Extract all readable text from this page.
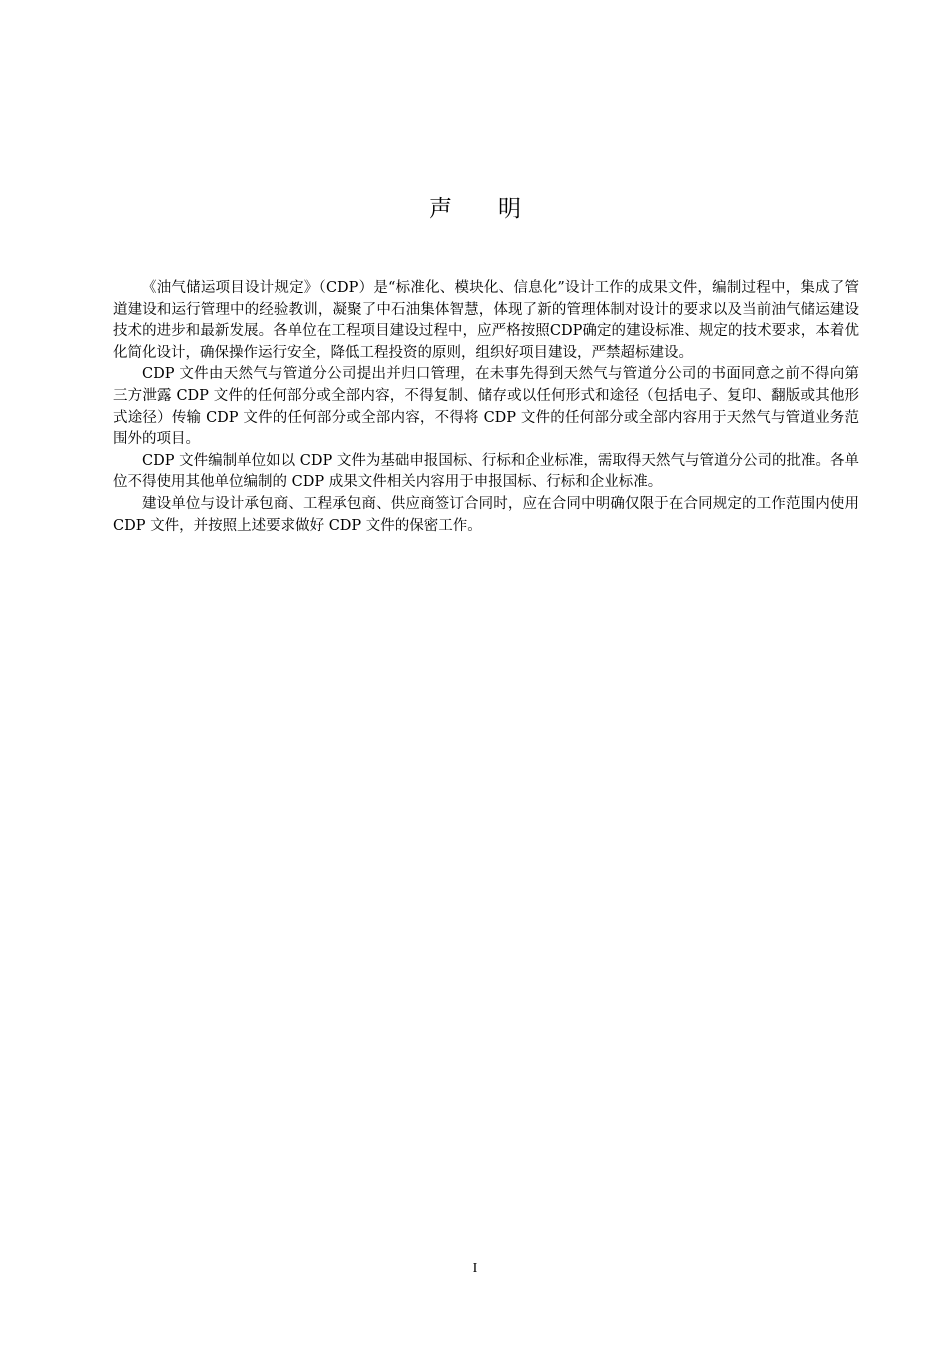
声明

《油气储运项目设计规定》（CDP）是“标准化、模块化、信息化”设计工作的成果文件，编制过程中，集成了管道建设和运行管理中的经验教训，凝聚了中石油集体智慧，体现了新的管理体制对设计的要求以及当前油气储运建设技术的进步和最新发展。各单位在工程项目建设过程中，应严格按照CDP确定的建设标准、规定的技术要求，本着优化简化设计，确保操作运行安全，降低工程投资的原则，组织好项目建设，严禁超标建设。

CDP 文件由天然气与管道分公司提出并归口管理，在未事先得到天然气与管道分公司的书面同意之前不得向第三方泄露 CDP 文件的任何部分或全部内容，不得复制、储存或以任何形式和途径（包括电子、复印、翻版或其他形式途径）传输 CDP 文件的任何部分或全部内容，不得将 CDP 文件的任何部分或全部内容用于天然气与管道业务范围外的项目。

CDP 文件编制单位如以 CDP 文件为基础申报国标、行标和企业标准，需取得天然气与管道分公司的批准。各单位不得使用其他单位编制的 CDP 成果文件相关内容用于申报国标、行标和企业标准。

建设单位与设计承包商、工程承包商、供应商签订合同时，应在合同中明确仅限于在合同规定的工作范围内使用 CDP 文件，并按照上述要求做好 CDP 文件的保密工作。

I
